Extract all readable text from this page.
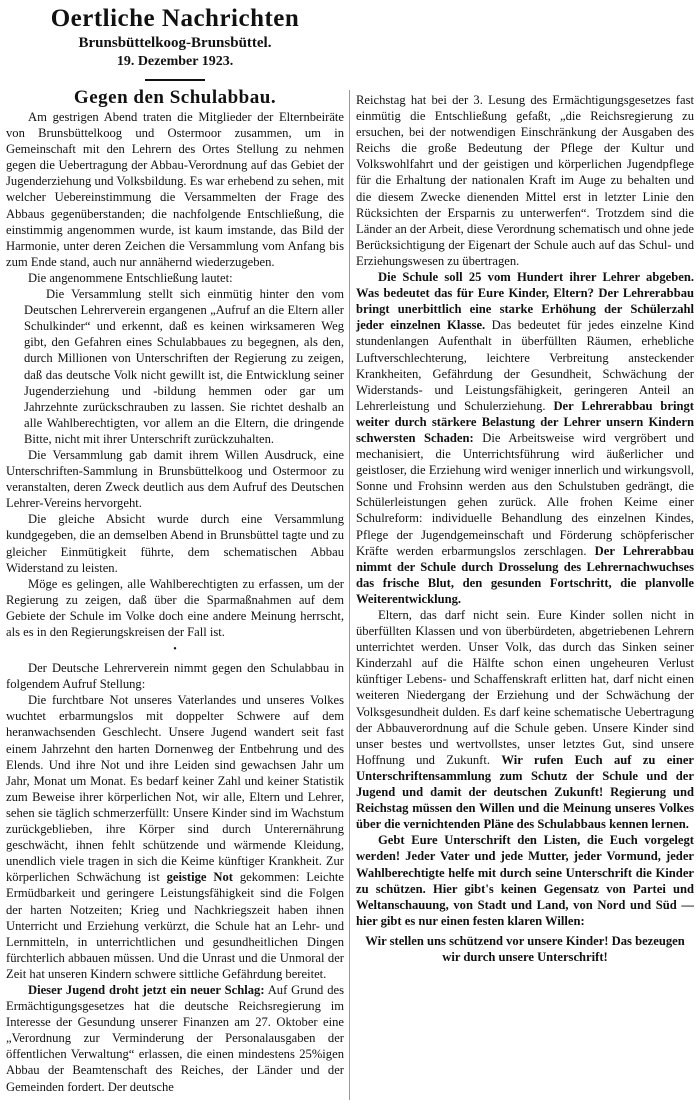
Oertliche Nachrichten
Brunsbüttelkoog-Brunsbüttel.
19. Dezember 1923.
Gegen den Schulabbau.

Am gestrigen Abend traten die Mitglieder der Elternbeiräte von Brunsbüttelkoog und Ostermoor zusammen, um in Gemeinschaft mit den Lehrern des Ortes Stellung zu nehmen gegen die Uebertragung der Abbau-Verordnung auf das Gebiet der Jugenderziehung und Volksbildung. Es war erhebend zu sehen, mit welcher Uebereinstimmung die Versammelten der Frage des Abbaus gegenüberstanden; die nachfolgende Entschließung, die einstimmig angenommen wurde, ist kaum imstande, das Bild der Harmonie, unter deren Zeichen die Versammlung vom Anfang bis zum Ende stand, auch nur annähernd wiederzugeben.

Die angenommene Entschließung lautet:

Die Versammlung stellt sich einmütig hinter den vom Deutschen Lehrerverein ergangenen „Aufruf an die Eltern aller Schulkinder“ und erkennt, daß es keinen wirksameren Weg gibt, den Gefahren eines Schulabbaues zu begegnen, als den, durch Millionen von Unterschriften der Regierung zu zeigen, daß das deutsche Volk nicht gewillt ist, die Entwicklung seiner Jugenderziehung und -bildung hemmen oder gar um Jahrzehnte zurückschrauben zu lassen. Sie richtet deshalb an alle Wahlberechtigten, vor allem an die Eltern, die dringende Bitte, nicht mit ihrer Unterschrift zurückzuhalten.

Die Versammlung gab damit ihrem Willen Ausdruck, eine Unterschriften-Sammlung in Brunsbüttelkoog und Ostermoor zu veranstalten, deren Zweck deutlich aus dem Aufruf des Deutschen Lehrer-Vereins hervorgeht.

Die gleiche Absicht wurde durch eine Versammlung kundgegeben, die an demselben Abend in Brunsbüttel tagte und zu gleicher Einmütigkeit führte, dem schematischen Abbau Widerstand zu leisten.

Möge es gelingen, alle Wahlberechtigten zu erfassen, um der Regierung zu zeigen, daß über die Sparmaßnahmen auf dem Gebiete der Schule im Volke doch eine andere Meinung herrscht, als es in den Regierungskreisen der Fall ist.

•

Der Deutsche Lehrerverein nimmt gegen den Schulabbau in folgendem Aufruf Stellung:

Die furchtbare Not unseres Vaterlandes und unseres Volkes wuchtet erbarmungslos mit doppelter Schwere auf dem heranwachsenden Geschlecht. Unsere Jugend wandert seit fast einem Jahrzehnt den harten Dornenweg der Entbehrung und des Elends. Und ihre Not und ihre Leiden sind gewachsen Jahr um Jahr, Monat um Monat. Es bedarf keiner Zahl und keiner Statistik zum Beweise ihrer körperlichen Not, wir alle, Eltern und Lehrer, sehen sie täglich schmerzerfüllt: Unsere Kinder sind im Wachstum zurückgeblieben, ihre Körper sind durch Unterernährung geschwächt, ihnen fehlt schützende und wärmende Kleidung, unendlich viele tragen in sich die Keime künftiger Krankheit. Zur körperlichen Schwächung ist geistige Not gekommen: Leichte Ermüdbarkeit und geringere Leistungsfähigkeit sind die Folgen der harten Notzeiten; Krieg und Nachkriegszeit haben ihnen Unterricht und Erziehung verkürzt, die Schule hat an Lehr- und Lernmitteln, in unterrichtlichen und gesundheitlichen Dingen fürchterlich abbauen müssen. Und die Unrast und die Unmoral der Zeit hat unseren Kindern schwere sittliche Gefährdung bereitet.

Dieser Jugend droht jetzt ein neuer Schlag: Auf Grund des Ermächtigungsgesetzes hat die deutsche Reichsregierung im Interesse der Gesundung unserer Finanzen am 27. Oktober eine „Verordnung zur Verminderung der Personalausgaben der öffentlichen Verwaltung“ erlassen, die einen mindestens 25%igen Abbau der Beamtenschaft des Reiches, der Länder und der Gemeinden fordert. Der deutsche

Reichstag hat bei der 3. Lesung des Ermächtigungsgesetzes fast einmütig die Entschließung gefaßt, „die Reichsregierung zu ersuchen, bei der notwendigen Einschränkung der Ausgaben des Reichs die große Bedeutung der Pflege der Kultur und Volkswohlfahrt und der geistigen und körperlichen Jugendpflege für die Erhaltung der nationalen Kraft im Auge zu behalten und die diesem Zwecke dienenden Mittel erst in letzter Linie den Rücksichten der Ersparnis zu unterwerfen“. Trotzdem sind die Länder an der Arbeit, diese Verordnung schematisch und ohne jede Berücksichtigung der Eigenart der Schule auch auf das Schul- und Erziehungswesen zu übertragen.

Die Schule soll 25 vom Hundert ihrer Lehrer abgeben. Was bedeutet das für Eure Kinder, Eltern? Der Lehrerabbau bringt unerbittlich eine starke Erhöhung der Schülerzahl jeder einzelnen Klasse. Das bedeutet für jedes einzelne Kind stundenlangen Aufenthalt in überfüllten Räumen, erhebliche Luftverschlechterung, leichtere Verbreitung ansteckender Krankheiten, Gefährdung der Gesundheit, Schwächung der Widerstands- und Leistungsfähigkeit, geringeren Anteil an Lehrerleistung und Schulerziehung. Der Lehrerabbau bringt weiter durch stärkere Belastung der Lehrer unsern Kindern schwersten Schaden: Die Arbeitsweise wird vergröbert und mechanisiert, die Unterrichtsführung wird äußerlicher und geistloser, die Erziehung wird weniger innerlich und wirkungsvoll, Sonne und Frohsinn werden aus den Schulstuben gedrängt, die Schülerleistungen gehen zurück. Alle frohen Keime einer Schulreform: individuelle Behandlung des einzelnen Kindes, Pflege der Jugendgemeinschaft und Förderung schöpferischer Kräfte werden erbarmungslos zerschlagen. Der Lehrerabbau nimmt der Schule durch Drosselung des Lehrernachwuchses das frische Blut, den gesunden Fortschritt, die planvolle Weiterentwicklung.

Eltern, das darf nicht sein. Eure Kinder sollen nicht in überfüllten Klassen und von überbürdeten, abgetriebenen Lehrern unterrichtet werden. Unser Volk, das durch das Sinken seiner Kinderzahl auf die Hälfte schon einen ungeheuren Verlust künftiger Lebens- und Schaffenskraft erlitten hat, darf nicht einen weiteren Niedergang der Erziehung und der Schwächung der Volksgesundheit dulden. Es darf keine schematische Uebertragung der Abbauverordnung auf die Schule geben. Unsere Kinder sind unser bestes und wertvollstes, unser letztes Gut, sind unsere Hoffnung und Zukunft. Wir rufen Euch auf zu einer Unterschriftensammlung zum Schutz der Schule und der Jugend und damit der deutschen Zukunft! Regierung und Reichstag müssen den Willen und die Meinung unseres Volkes über die vernichtenden Pläne des Schulabbaus kennen lernen.

Gebt Eure Unterschrift den Listen, die Euch vorgelegt werden! Jeder Vater und jede Mutter, jeder Vormund, jeder Wahlberechtigte helfe mit durch seine Unterschrift die Kinder zu schützen. Hier gibt's keinen Gegensatz von Partei und Weltanschauung, von Stadt und Land, von Nord und Süd — hier gibt es nur einen festen klaren Willen:

Wir stellen uns schützend vor unsere Kinder! Das bezeugen wir durch unsere Unterschrift!
